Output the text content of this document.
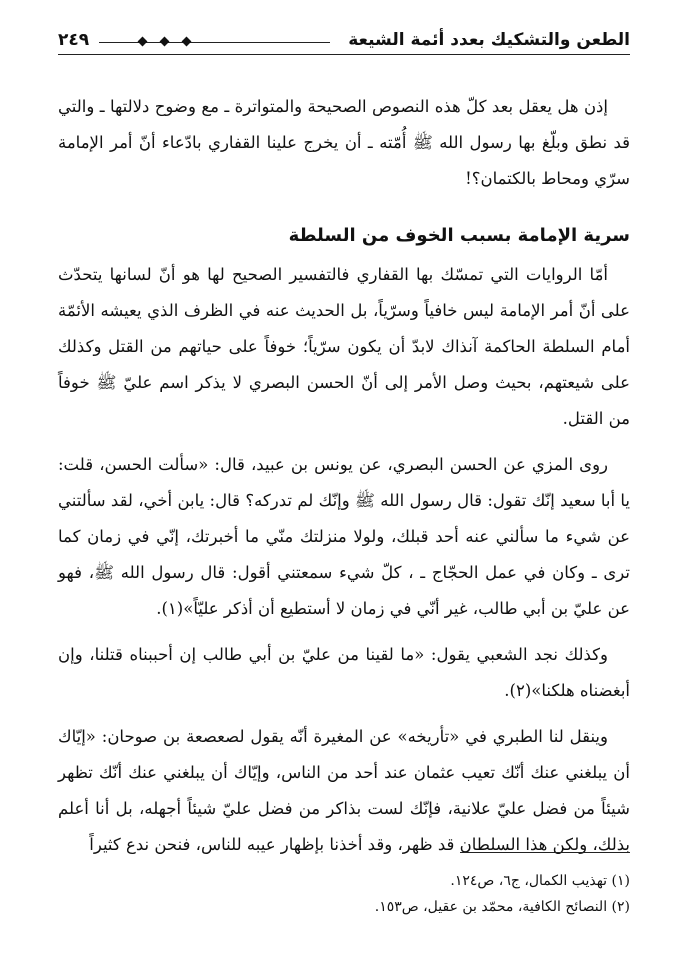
الطعن والتشكيك بعدد أئمة الشيعة
٢٤٩

إذن هل يعقل بعد كلّ هذه النصوص الصحيحة والمتواترة ـ مع وضوح دلالتها ـ والتي قد نطق وبلّغ بها رسول الله ﷺ أُمّته ـ أن يخرج علينا القفاري بادّعاء أنّ أمر الإمامة سرّي ومحاط بالكتمان؟!

سرية الإمامة بسبب الخوف من السلطة

أمّا الروايات التي تمسّك بها القفاري فالتفسير الصحيح لها هو أنّ لسانها يتحدّث على أنّ أمر الإمامة ليس خافياً وسرّياً، بل الحديث عنه في الظرف الذي يعيشه الأئمّة أمام السلطة الحاكمة آنذاك لابدّ أن يكون سرّياً؛ خوفاً على حياتهم من القتل وكذلك على شيعتهم، بحيث وصل الأمر إلى أنّ الحسن البصري لا يذكر اسم عليّ ﷺ خوفاً من القتل.

روى المزي عن الحسن البصري، عن يونس بن عبيد، قال: «سألت الحسن، قلت: يا أبا سعيد إنّك تقول: قال رسول الله ﷺ وإنّك لم تدركه؟ قال: يابن أخي، لقد سألتني عن شيء ما سألني عنه أحد قبلك، ولولا منزلتك منّي ما أخبرتك، إنّي في زمان كما ترى ـ وكان في عمل الحجّاج ـ ، كلّ شيء سمعتني أقول: قال رسول الله ﷺ، فهو عن عليّ بن أبي طالب، غير أنّي في زمان لا أستطيع أن أذكر عليّاً»(١).

وكذلك نجد الشعبي يقول: «ما لقينا من عليّ بن أبي طالب إن أحببناه قتلنا، وإن أبغضناه هلكنا»(٢).

وينقل لنا الطبري في «تأريخه» عن المغيرة أنّه يقول لصعصعة بن صوحان: «إيّاك أن يبلغني عنك أنّك تعيب عثمان عند أحد من الناس، وإيّاك أن يبلغني عنك أنّك تظهر شيئاً من فضل عليّ علانية، فإنّك لست بذاكر من فضل عليّ شيئاً أجهله، بل أنا أعلم بذلك، ولكن هذا السلطان قد ظهر، وقد أخذنا بإظهار عيبه للناس، فنحن ندع كثيراً

(١) تهذيب الكمال، ج٦، ص١٢٤.

(٢) النصائح الكافية، محمّد بن عقيل، ص١٥٣.
